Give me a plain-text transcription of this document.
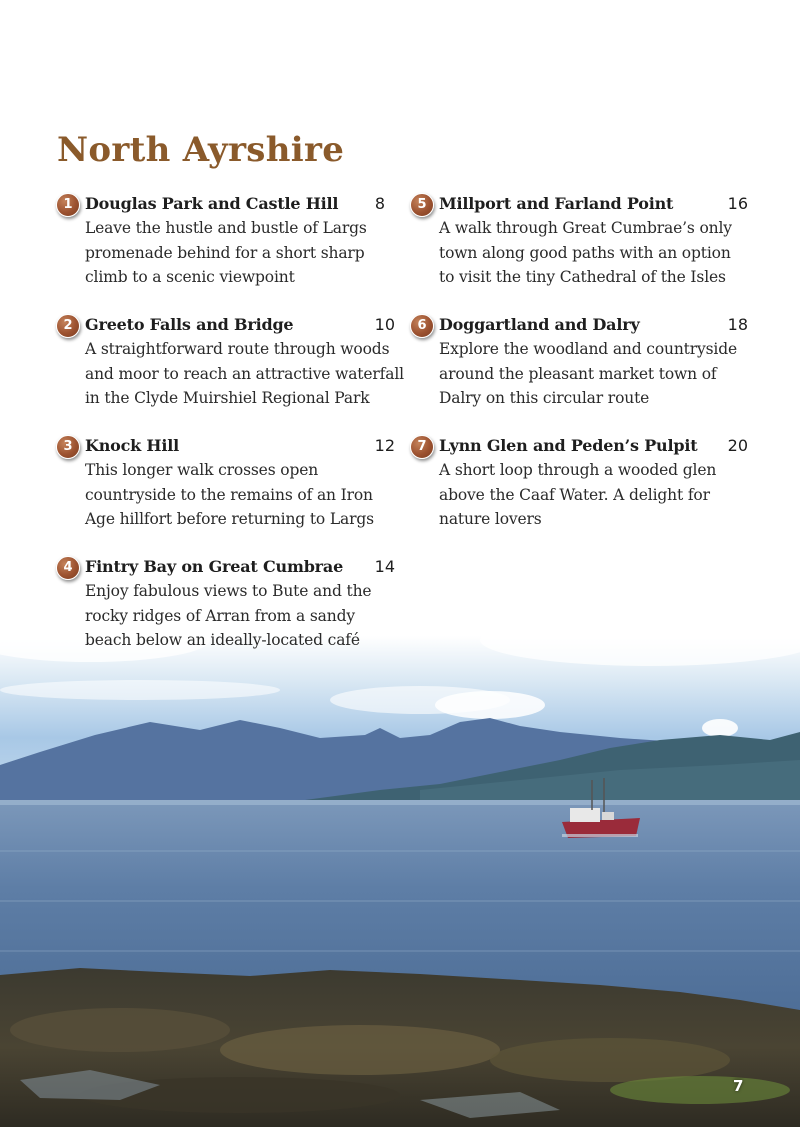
North Ayrshire
1 Douglas Park and Castle Hill 8

Leave the hustle and bustle of Largs
promenade behind for a short sharp
climb to a scenic viewpoint

2 Greeto Falls and Bridge	10

A straightforward route through woods
and moor to reach an attractive waterfall
in the Clyde Muirshiel Regional Park

3 Knock Hill	12

This longer walk crosses open
countryside to the remains of an Iron
Age hillfort before returning to Largs

4 Fintry Bay on Great Cumbrae 14

Enjoy fabulous views to Bute and the
rocky ridges of Arran from a sandy
beach below an ideally-located café

5 Millport and Farland Point	16

A walk through Great Cumbrae’s only
town along good paths with an option
to visit the tiny Cathedral of the Isles

6 Doggartland and Dalry	18

Explore the woodland and countryside
around the pleasant market town of
Dalry on this circular route

7 Lynn Glen and Peden’s Pulpit 20

A short loop through a wooded glen
above the Caaf Water. A delight for
nature lovers

7
